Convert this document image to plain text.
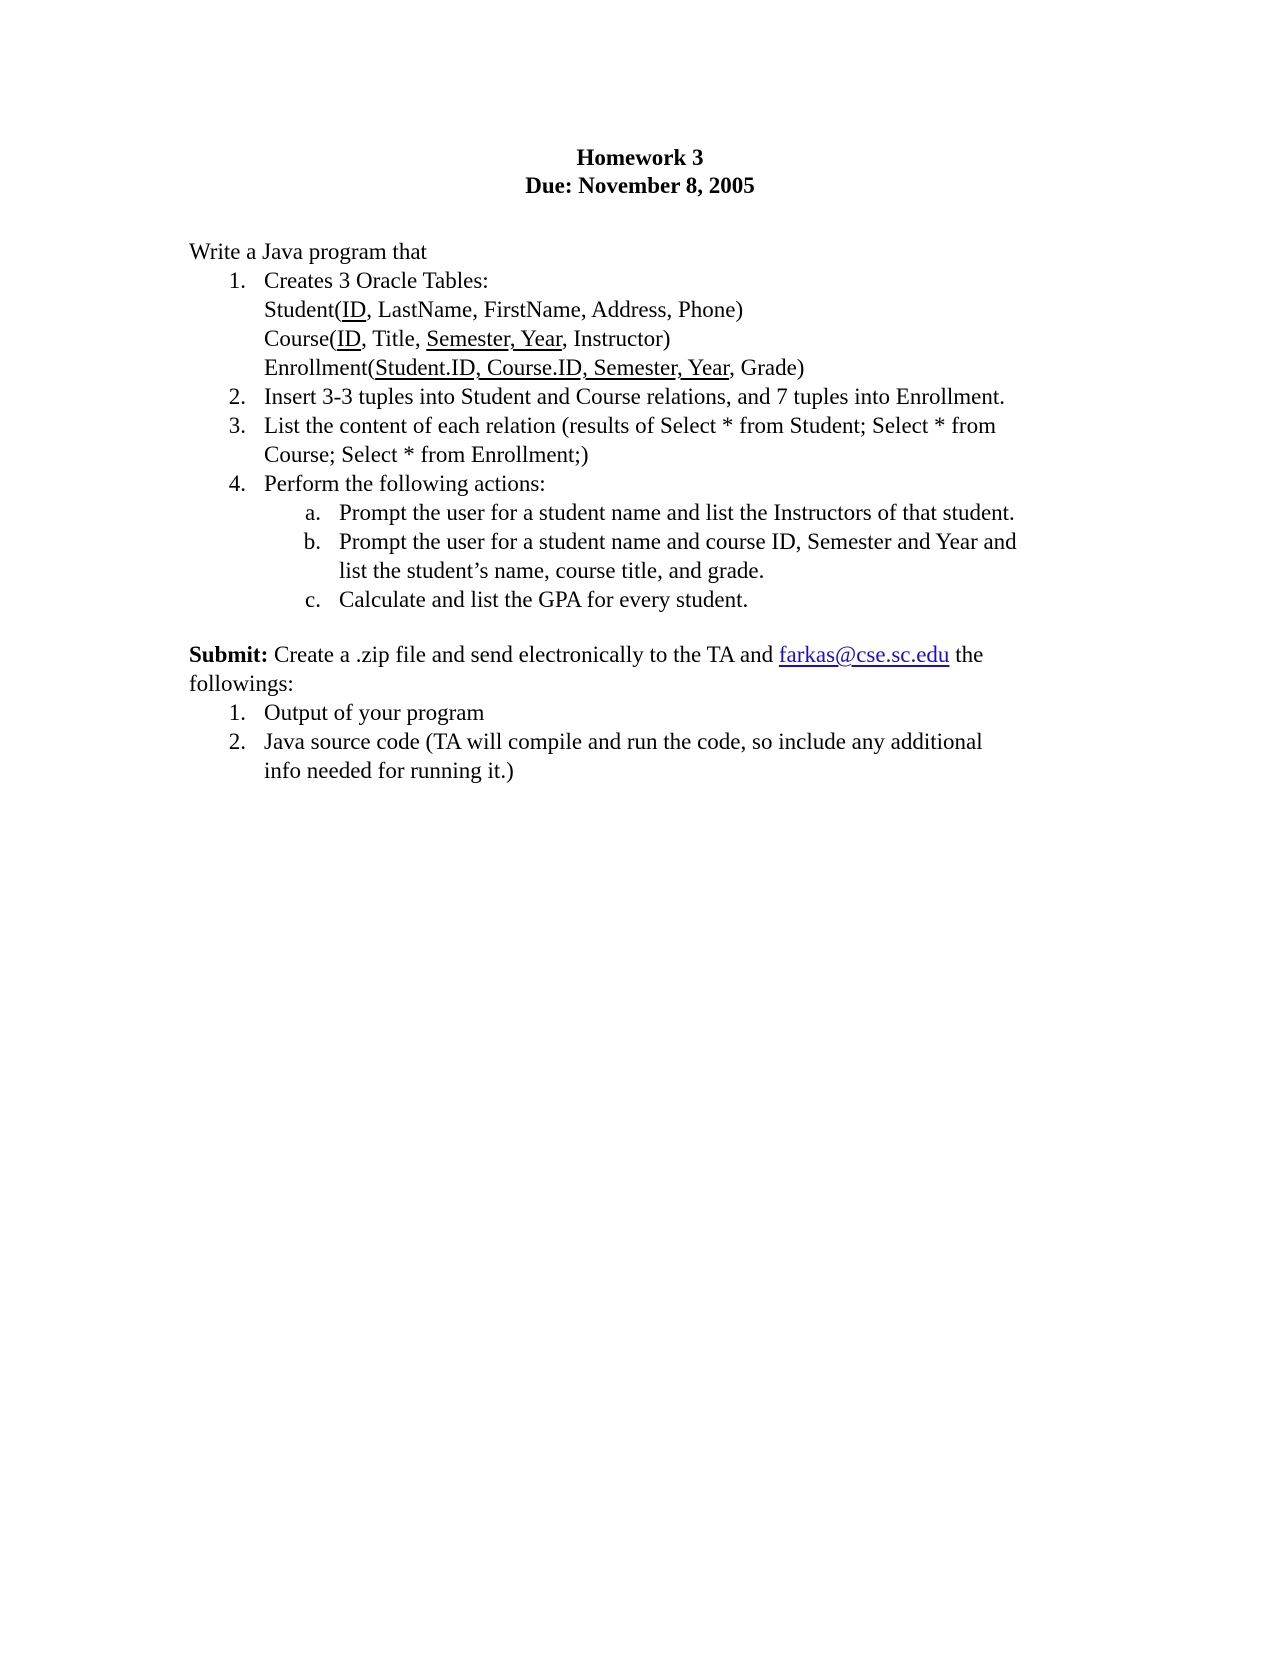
Homework 3
Due: November 8, 2005
Write a Java program that
1. Creates 3 Oracle Tables:
Student(ID, LastName, FirstName, Address, Phone)
Course(ID, Title, Semester, Year, Instructor)
Enrollment(Student.ID, Course.ID, Semester, Year, Grade)
2. Insert 3-3 tuples into Student and Course relations, and 7 tuples into Enrollment.
3. List the content of each relation (results of Select * from Student; Select * from
Course; Select * from Enrollment;)
4. Perform the following actions:
a. Prompt the user for a student name and list the Instructors of that student.
b. Prompt the user for a student name and course ID, Semester and Year and
list the student’s name, course title, and grade.
c. Calculate and list the GPA for every student.
Submit: Create a .zip file and send electronically to the TA and farkas@cse.sc.edu the
followings:
1. Output of your program
2. Java source code (TA will compile and run the code, so include any additional
info needed for running it.)
